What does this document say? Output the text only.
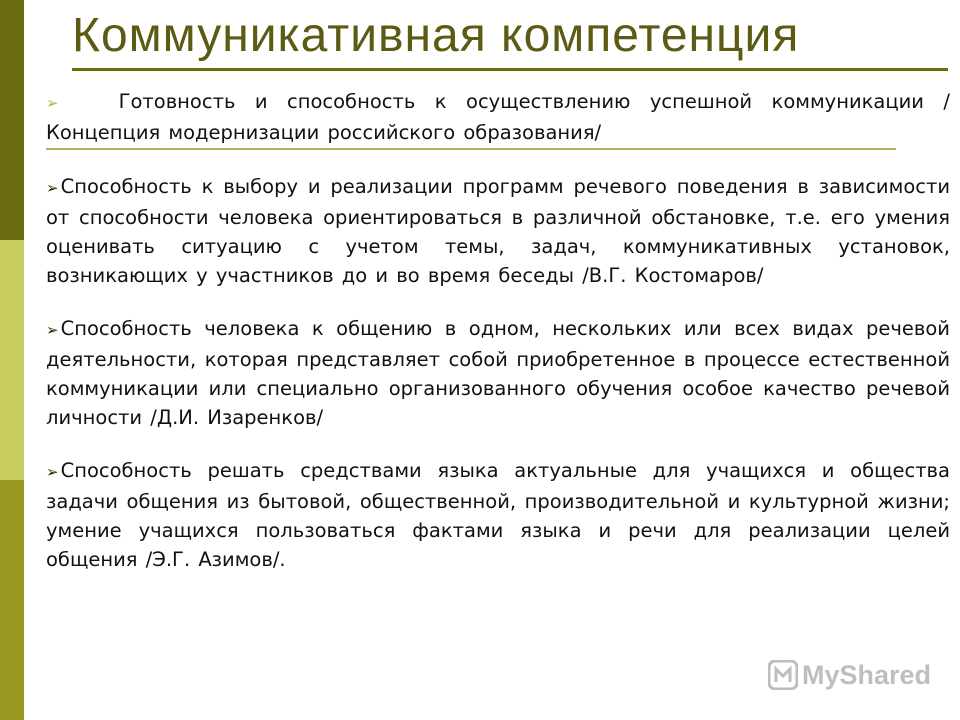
Коммуникативная компетенция

➢	Готовность и способность к осуществлению успешной коммуникации /Концепция модернизации российского образования/

➢ Способность к выбору и реализации программ речевого поведения в зависимости от способности человека ориентироваться в различной обстановке, т.е. его умения оценивать ситуацию с учетом темы, задач, коммуникативных установок, возникающих у участников до и во время беседы /В.Г. Костомаров/

➢ Способность человека к общению в одном, нескольких или всех видах речевой деятельности, которая представляет собой приобретенное в процессе естественной коммуникации или специально организованного обучения особое качество речевой личности /Д.И. Изаренков/

➢ Способность решать средствами языка актуальные для учащихся и общества задачи общения из бытовой, общественной, производительной и культурной жизни; умение учащихся пользоваться фактами языка и речи для реализации целей общения /Э.Г. Азимов/.

MyShared
